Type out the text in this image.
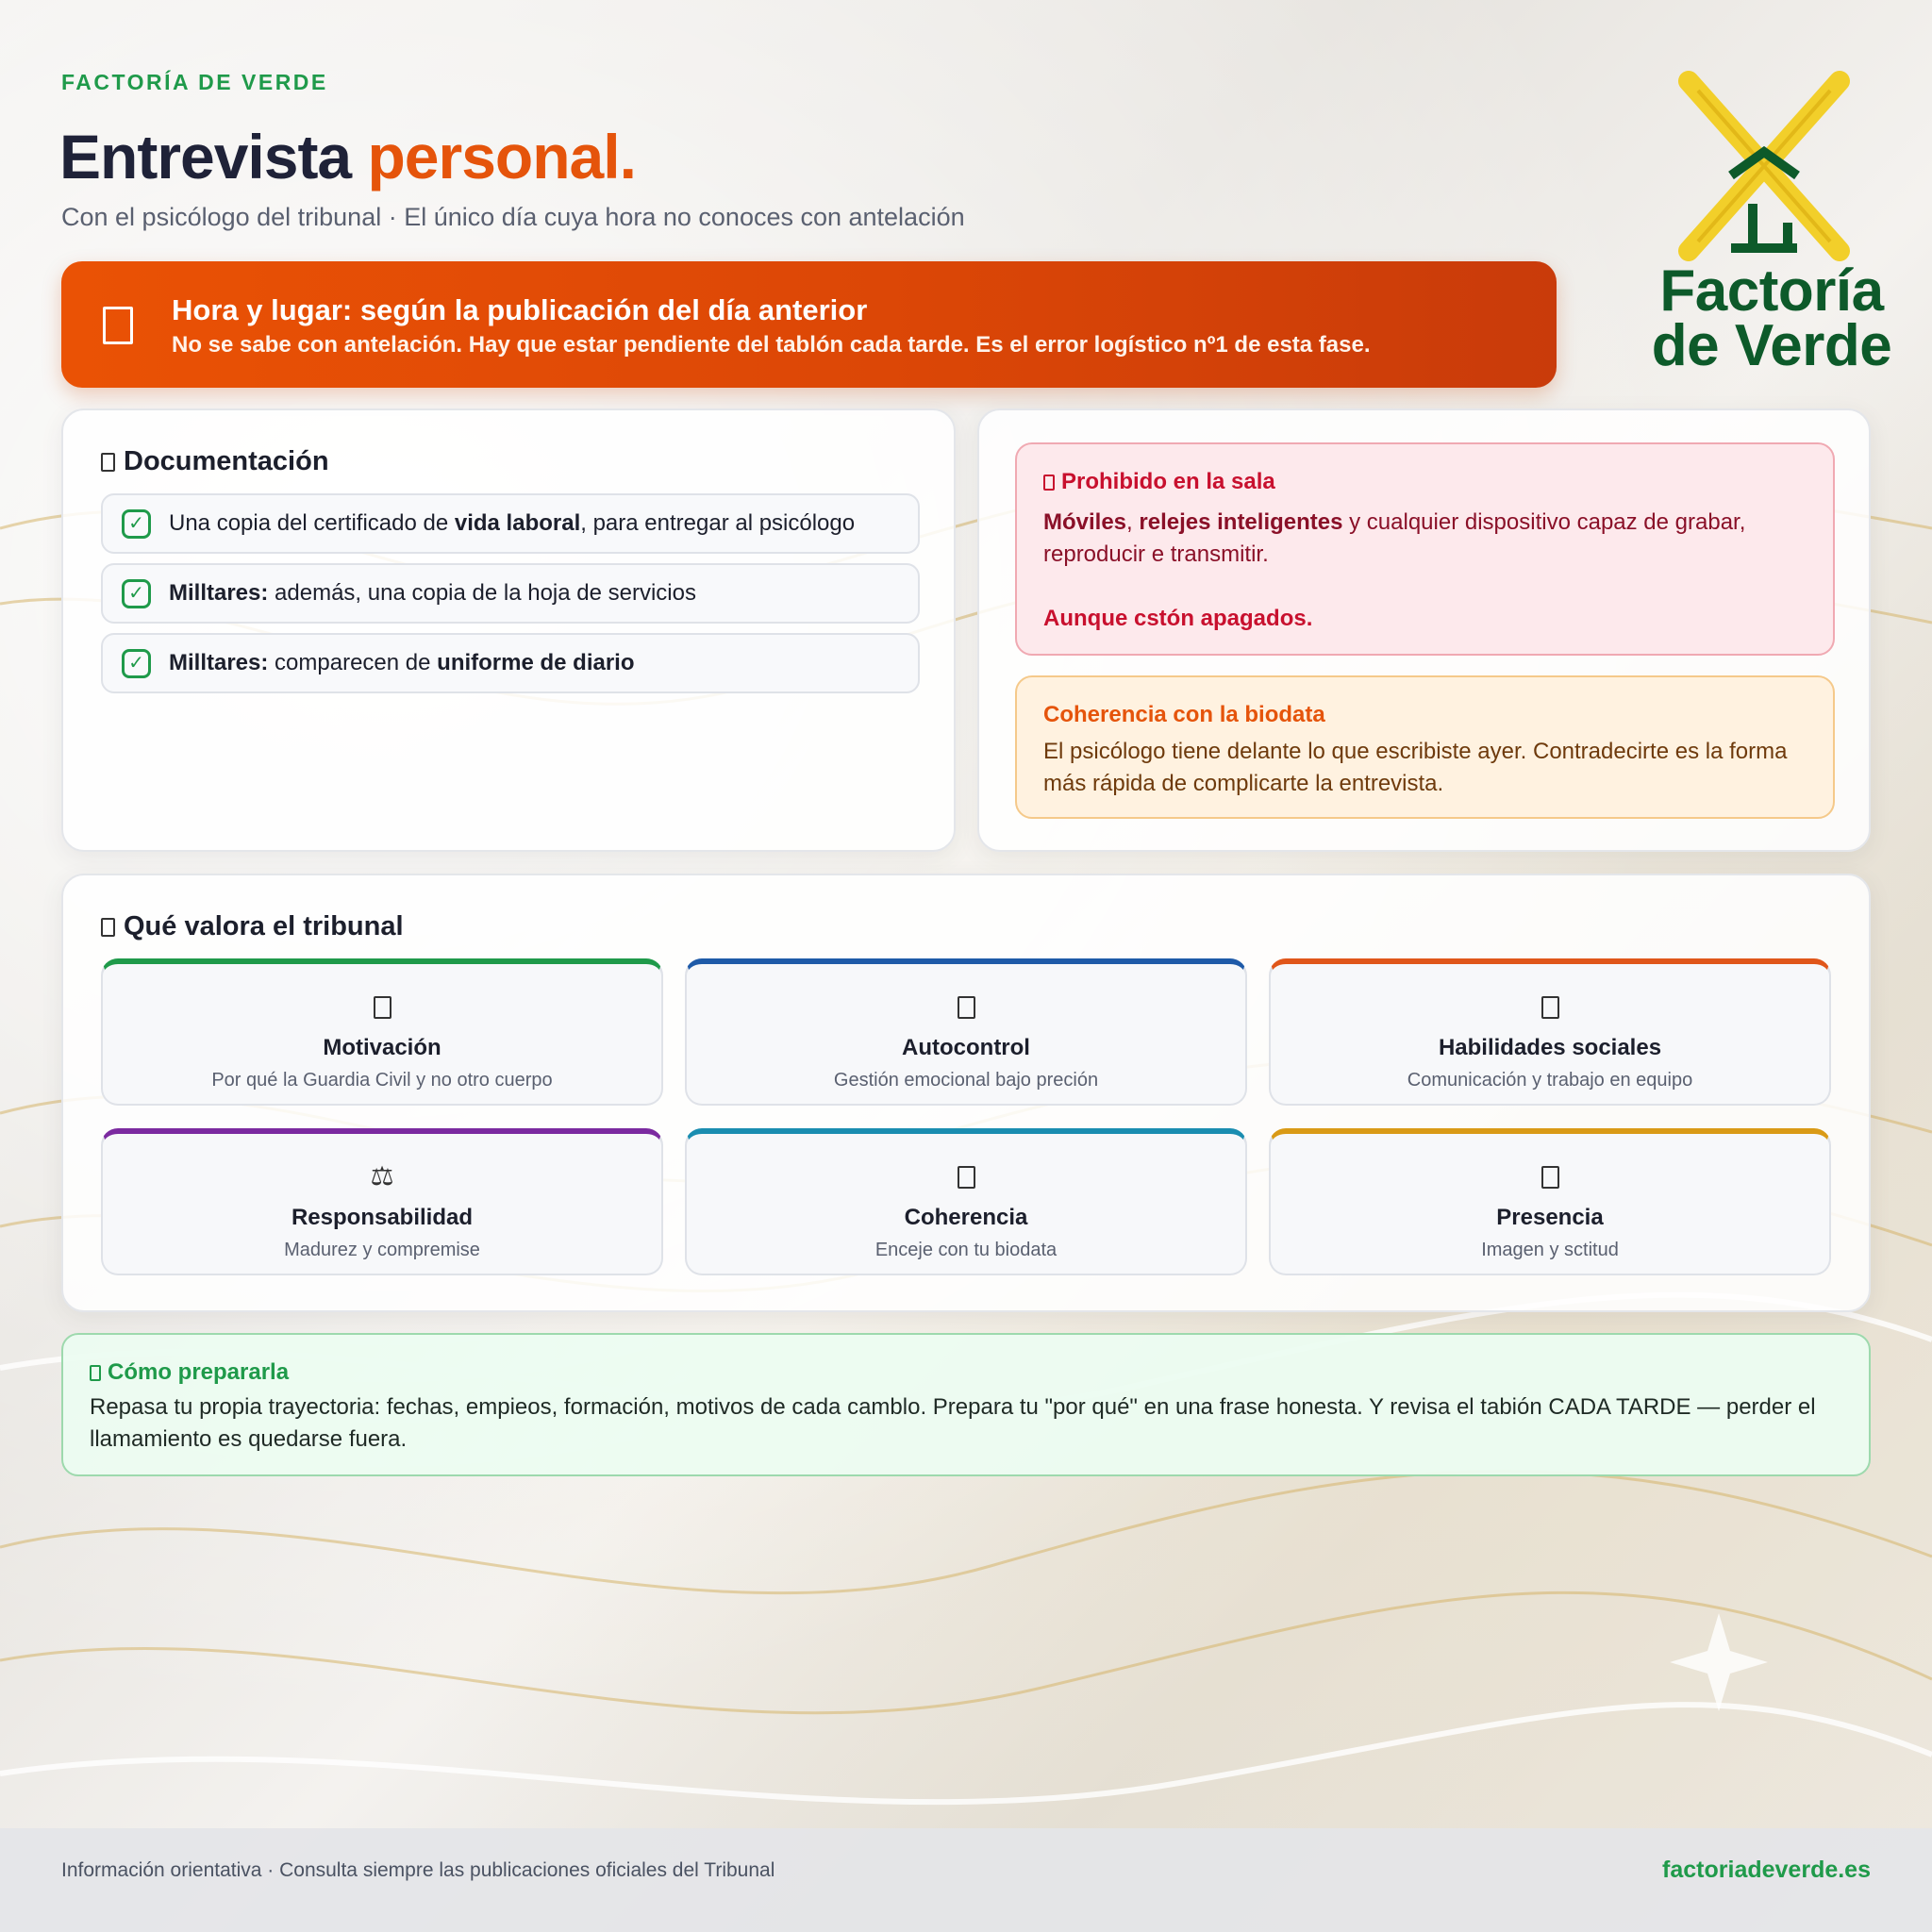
FACTORÍA DE VERDE
Entrevista personal.
Con el psicólogo del tribunal · El único día cuya hora no conoces con antelación
Factoría
de Verde
Hora y lugar: según la publicación del día anterior
No se sabe con antelación. Hay que estar pendiente del tablón cada tarde. Es el error logístico nº1 de esta fase.
Documentación
✓ Una copia del certificado de vida laboral, para entregar al psicólogo
✓ Milltares: además, una copia de la hoja de servicios
✓ Milltares: comparecen de uniforme de diario
Prohibido en la sala
Móviles, relejes inteligentes y cualquier dispositivo capaz de grabar, reproducir e transmitir.
Aunque cstón apagados.
Coherencia con la biodata
El psicólogo tiene delante lo que escribiste ayer. Contradecirte es la forma más rápida de complicarte la entrevista.
Qué valora el tribunal
Motivación
Por qué la Guardia Civil y no otro cuerpo
Autocontrol
Gestión emocional bajo preción
Habilidades sociales
Comunicación y trabajo en equipo
⚖
Responsabilidad
Madurez y compremise
Coherencia
Enceje con tu biodata
Presencia
Imagen y sctitud
Cómo prepararla
Repasa tu propia trayectoria: fechas, empieos, formación, motivos de cada camblo. Prepara tu "por qué" en una frase honesta. Y revisa el tabión CADA TARDE — perder el llamamiento es quedarse fuera.
Información orientativa · Consulta siempre las publicaciones oficiales del Tribunal	factoriadeverde.es
